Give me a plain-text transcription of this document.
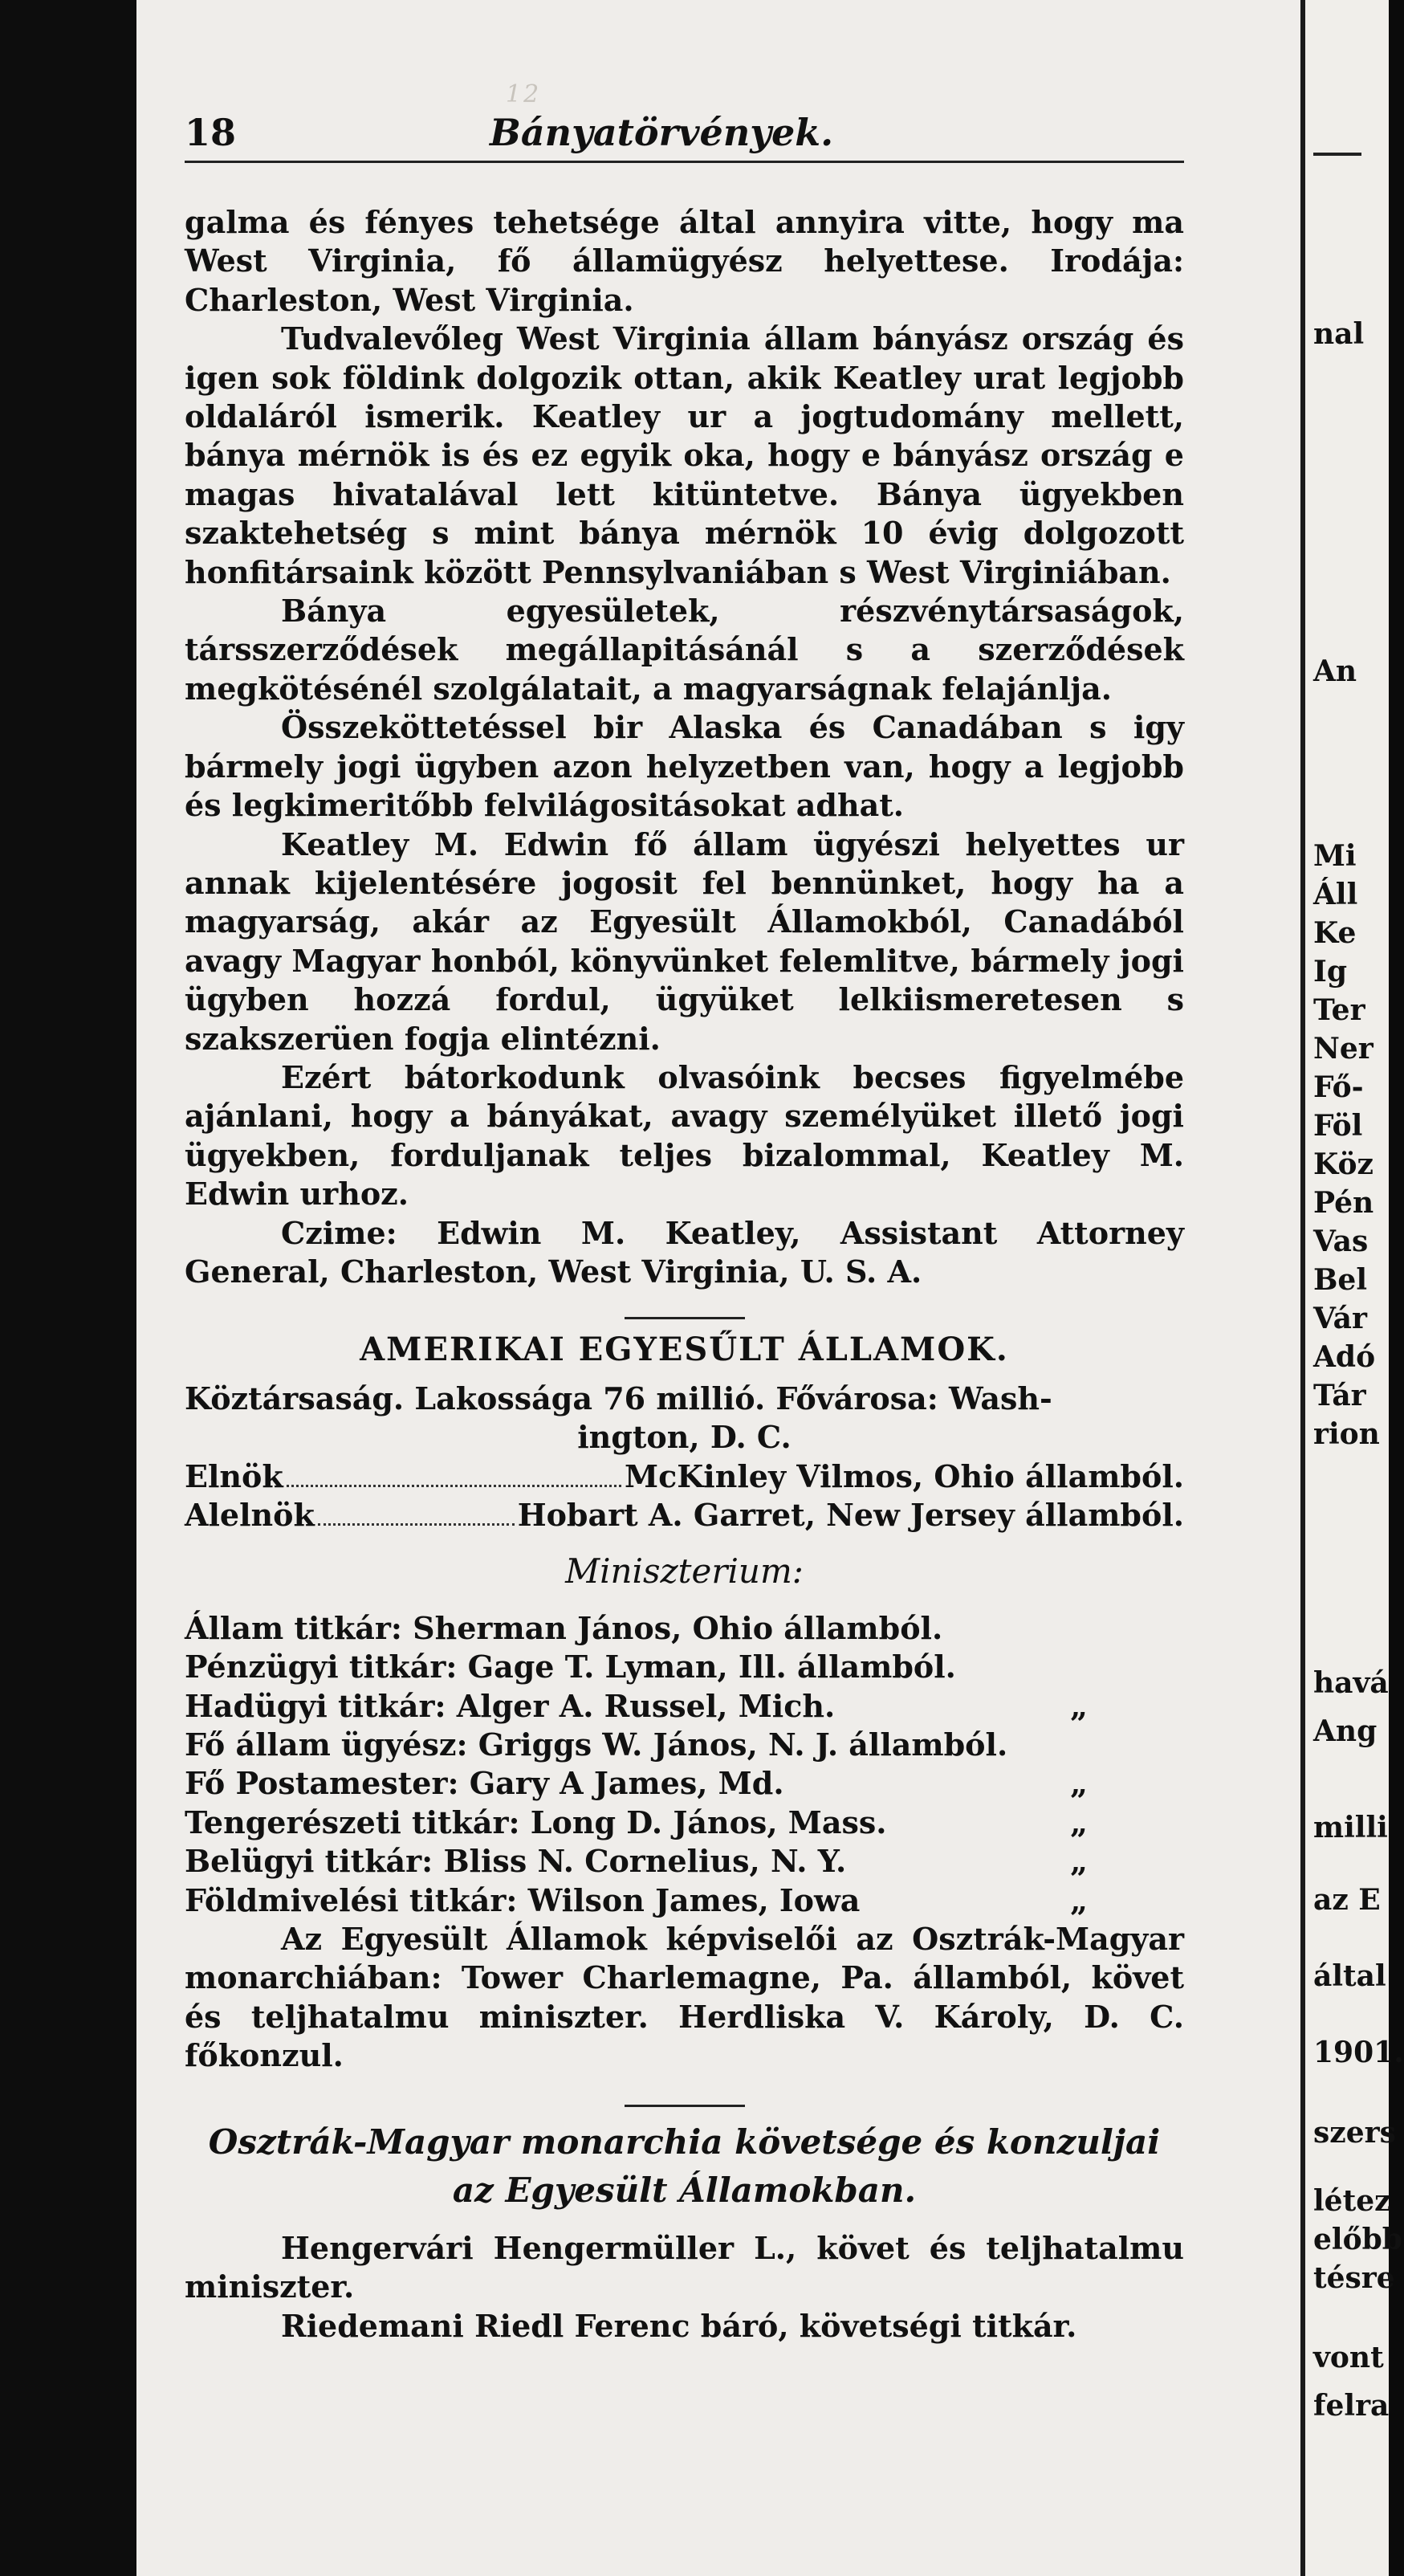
12
18	Bányatörvények.

galma és fényes tehetsége által annyira vitte, hogy ma West Virginia, fő államügyész helyettese. Irodája: Charleston, West Virginia.

Tudvalevőleg West Virginia állam bányász ország és igen sok földink dolgozik ottan, akik Keatley urat legjobb oldaláról ismerik. Keatley ur a jogtudomány mellett, bánya mérnök is és ez egyik oka, hogy e bányász ország e magas hivatalával lett kitüntetve. Bánya ügyekben szaktehetség s mint bánya mérnök 10 évig dolgozott honfitársaink között Pennsylvaniában s West Virginiában.

Bánya egyesületek, részvénytársaságok, társszerződések megállapitásánál s a szerződések megkötésénél szolgálatait, a magyarságnak felajánlja.

Összeköttetéssel bir Alaska és Canadában s igy bármely jogi ügyben azon helyzetben van, hogy a legjobb és legkimeritőbb felvilágositásokat adhat.

Keatley M. Edwin fő állam ügyészi helyettes ur annak kijelentésére jogosit fel bennünket, hogy ha a magyarság, akár az Egyesült Államokból, Canadából avagy Magyar honból, könyvünket felemlitve, bármely jogi ügyben hozzá fordul, ügyüket lelkiismeretesen s szakszerüen fogja elintézni.

Ezért bátorkodunk olvasóink becses figyelmébe ajánlani, hogy a bányákat, avagy személyüket illető jogi ügyekben, forduljanak teljes bizalommal, Keatley M. Edwin urhoz.

Czime: Edwin M. Keatley, Assistant Attorney General, Charleston, West Virginia, U. S. A.

AMERIKAI EGYESŰLT ÁLLAMOK.
Köztársaság. Lakossága 76 millió. Fővárosa: Wash-
ington, D. C.
Elnök	McKinley Vilmos, Ohio államból.
Alelnök	Hobart A. Garret, New Jersey államból.
Miniszterium:
Állam titkár: Sherman János, Ohio államból.
Pénzügyi titkár: Gage T. Lyman, Ill. államból.
Hadügyi titkár: Alger A. Russel, Mich.	„
Fő állam ügyész: Griggs W. János, N. J. államból.
Fő Postamester: Gary A James, Md.	„
Tengerészeti titkár: Long D. János, Mass.	„
Belügyi titkár: Bliss N. Cornelius, N. Y.	„
Földmivelési titkár: Wilson James, Iowa	„

Az Egyesült Államok képviselői az Osztrák-Magyar monarchiában: Tower Charlemagne, Pa. államból, követ és teljhatalmu miniszter. Herdliska V. Károly, D. C. főkonzul.

Osztrák-Magyar monarchia követsége és konzuljai
az Egyesült Államokban.

Hengervári Hengermüller L., követ és teljhatalmu miniszter.

Riedemani Riedl Ferenc báró, követségi titkár.

nal
An
Mi
Áll
Ke
Ig
Ter
Ner
Fő-
Föl
Köz
Pén
Vas
Bel
Vár
Adó
Tár
rion
havá
Ang
milli
az E
által
1901.
szers
létez
előbb
tésre
vont
felra
